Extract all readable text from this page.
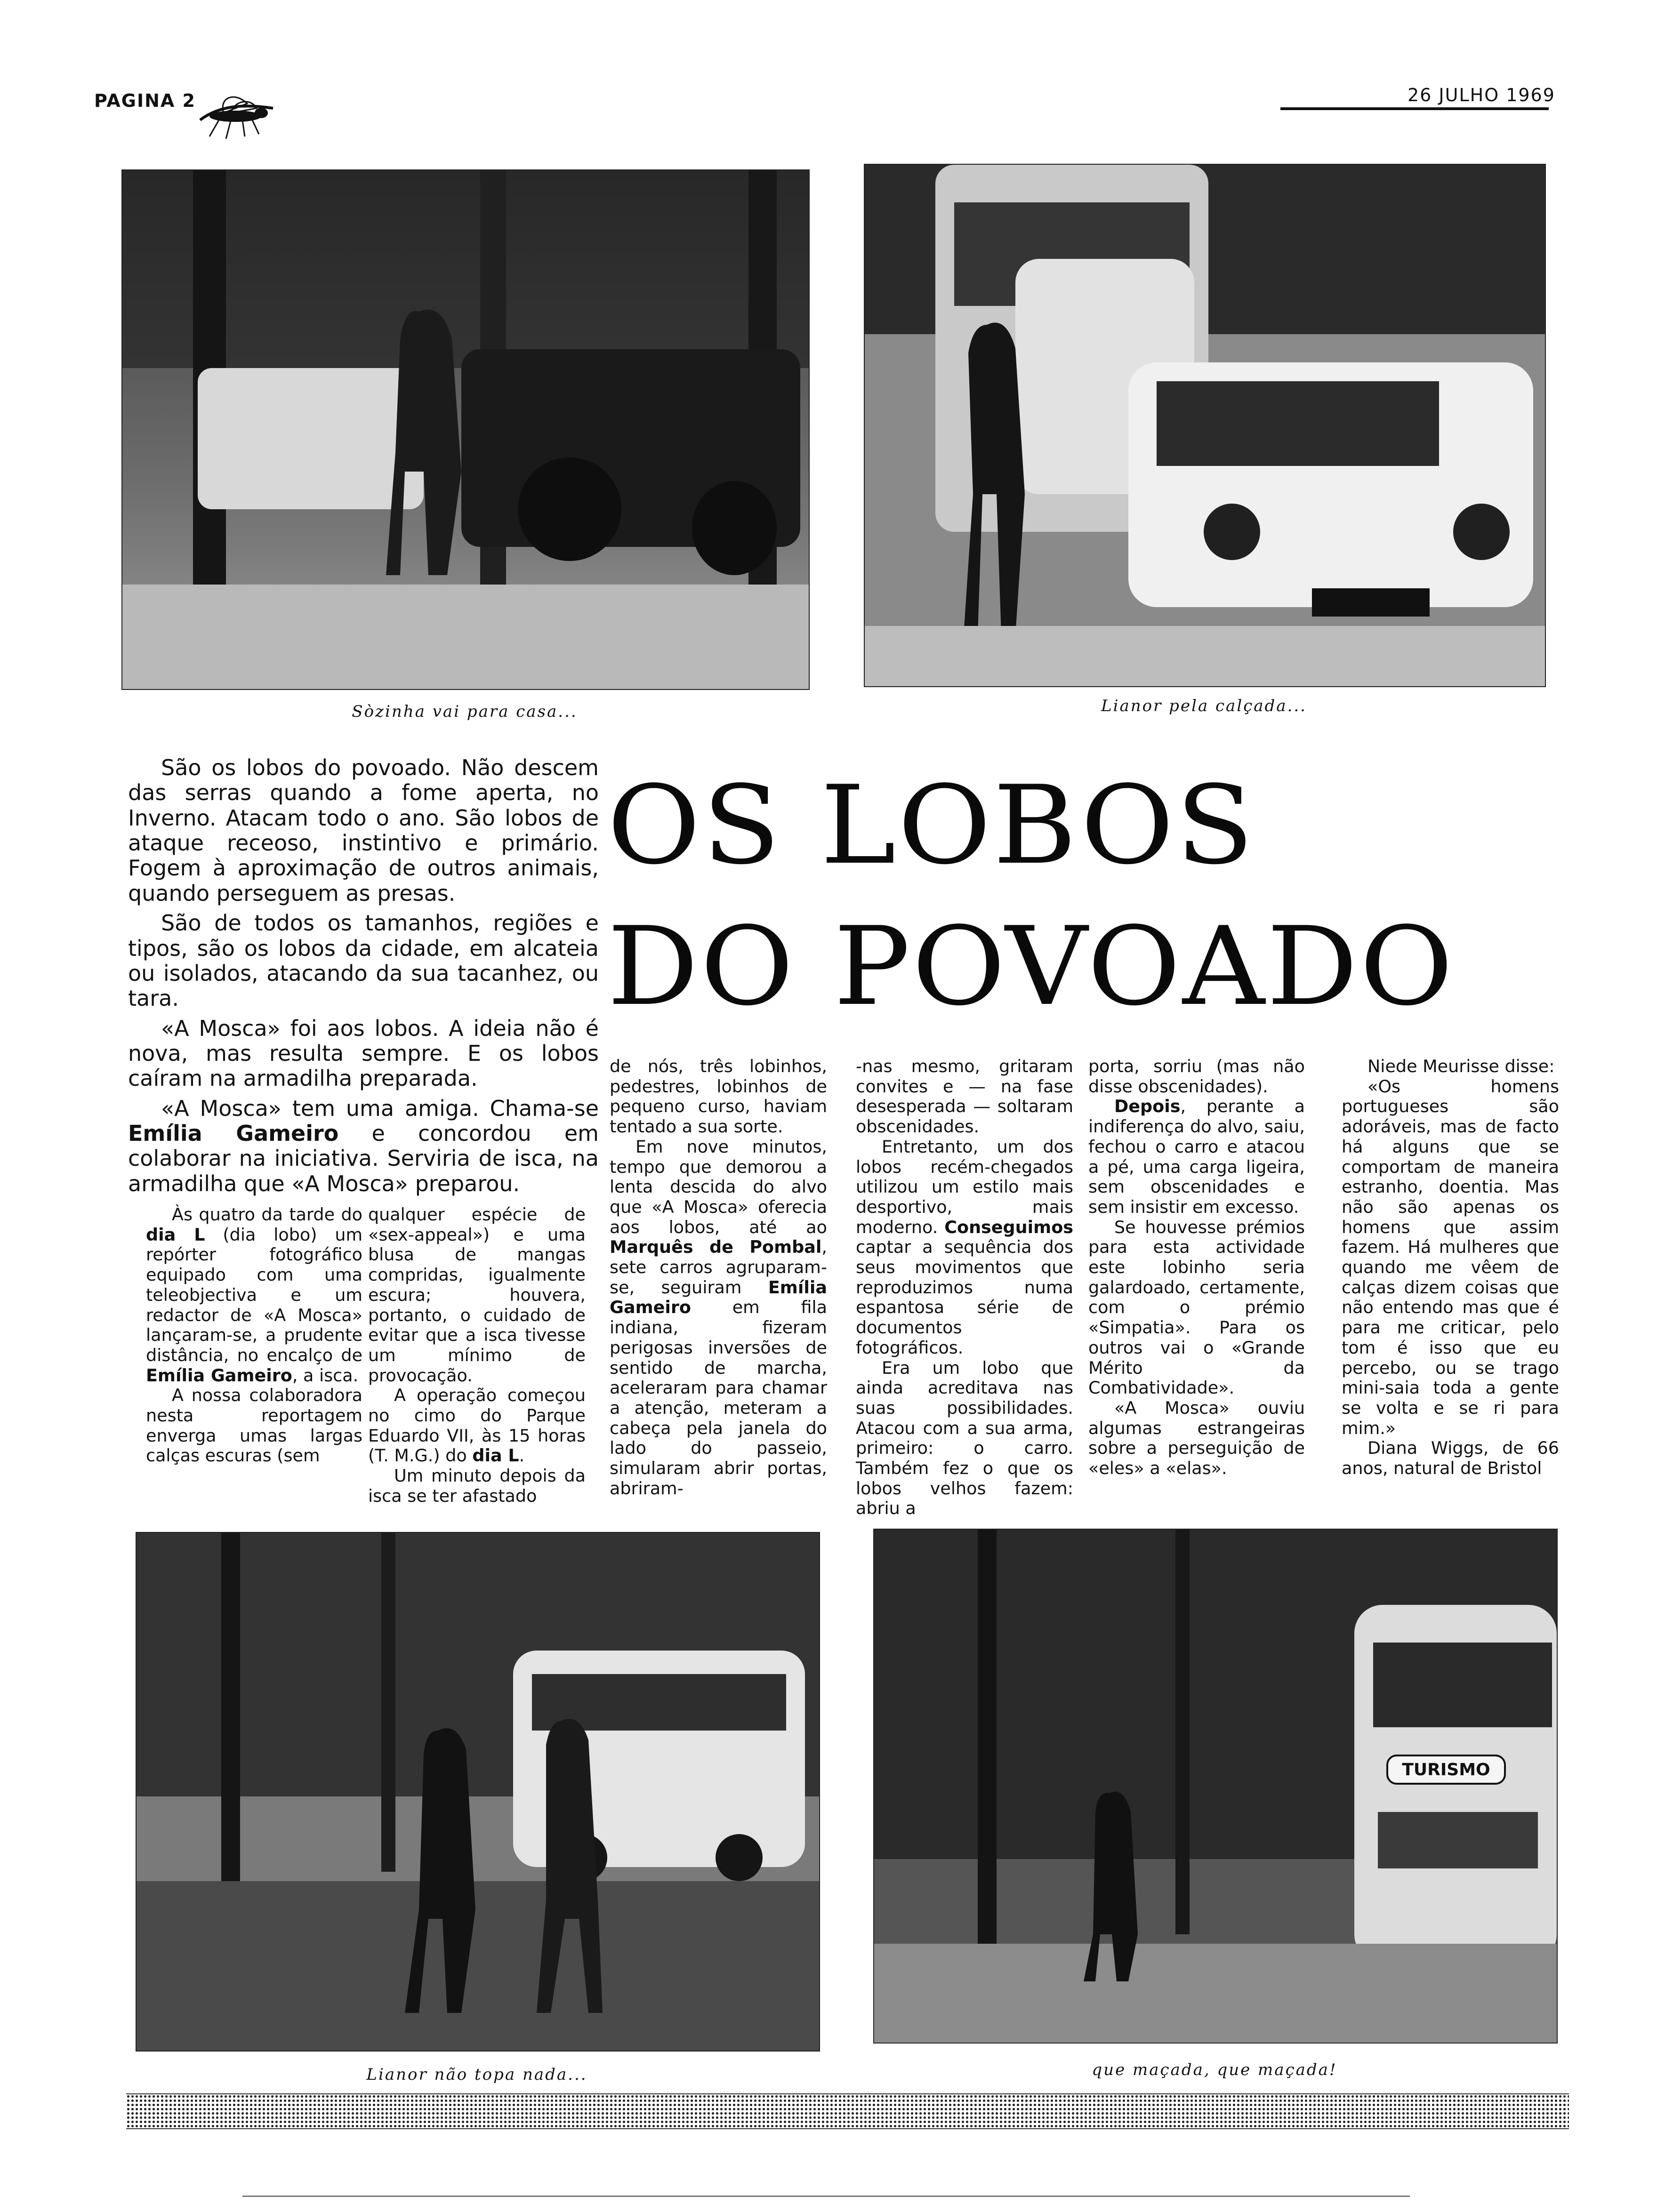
PAGINA 2	26 JULHO 1969
Sòzinha vai para casa...	Lianor pela calçada...

São os lobos do povoado. Não descem das serras quando a fome aperta, no Inverno. Atacam todo o ano. São lobos de ataque receoso, instintivo e primário. Fogem à aproximação de outros animais, quando perseguem as presas.

São de todos os tamanhos, regiões e tipos, são os lobos da cidade, em alcateia ou isolados, atacando da sua tacanhez, ou tara.

«A Mosca» foi aos lobos. A ideia não é nova, mas resulta sempre. E os lobos caíram na armadilha preparada.

«A Mosca» tem uma amiga. Chama-se Emília Gameiro e concordou em colaborar na iniciativa. Serviria de isca, na armadilha que «A Mosca» preparou.

OS LOBOS
DO POVOADO

Às quatro da tarde do dia L (dia lobo) um repórter fotográfico equipado com uma teleobjectiva e um redactor de «A Mosca» lançaram-se, a prudente distância, no encalço de Emília Gameiro, a isca.

A nossa colaboradora nesta reportagem enverga umas largas calças escuras (sem

qualquer espécie de «sex-appeal») e uma blusa de mangas compridas, igualmente escura; houvera, portanto, o cuidado de evitar que a isca tivesse um mínimo de provocação.

A operação começou no cimo do Parque Eduardo VII, às 15 horas (T. M.G.) do dia L.

Um minuto depois da isca se ter afastado

de nós, três lobinhos, pedestres, lobinhos de pequeno curso, haviam tentado a sua sorte.

Em nove minutos, tempo que demorou a lenta descida do alvo que «A Mosca» oferecia aos lobos, até ao Marquês de Pombal, sete carros agruparam-se, seguiram Emília Gameiro em fila indiana, fizeram perigosas inversões de sentido de marcha, aceleraram para chamar a atenção, meteram a cabeça pela janela do lado do passeio, simularam abrir portas, abriram-

-nas mesmo, gritaram convites e — na fase desesperada — soltaram obscenidades.

Entretanto, um dos lobos recém-chegados utilizou um estilo mais desportivo, mais moderno. Conseguimos captar a sequência dos seus movimentos que reproduzimos numa espantosa série de documentos fotográficos.

Era um lobo que ainda acreditava nas suas possibilidades. Atacou com a sua arma, primeiro: o carro. Também fez o que os lobos velhos fazem: abriu a

porta, sorriu (mas não disse obscenidades).

Depois, perante a indiferença do alvo, saiu, fechou o carro e atacou a pé, uma carga ligeira, sem obscenidades e sem insistir em excesso.

Se houvesse prémios para esta actividade este lobinho seria galardoado, certamente, com o prémio «Simpatia». Para os outros vai o «Grande Mérito da Combatividade».

«A Mosca» ouviu algumas estrangeiras sobre a perseguição de «eles» a «elas».

Niede Meurisse disse:

«Os homens portugueses são adoráveis, mas de facto há alguns que se comportam de maneira estranho, doentia. Mas não são apenas os homens que assim fazem. Há mulheres que quando me vêem de calças dizem coisas que não entendo mas que é para me criticar, pelo tom é isso que eu percebo, ou se trago mini-saia toda a gente se volta e se ri para mim.»

Diana Wiggs, de 66 anos, natural de Bristol

Lianor não topa nada...
TURISMO
que maçada, que maçada!
